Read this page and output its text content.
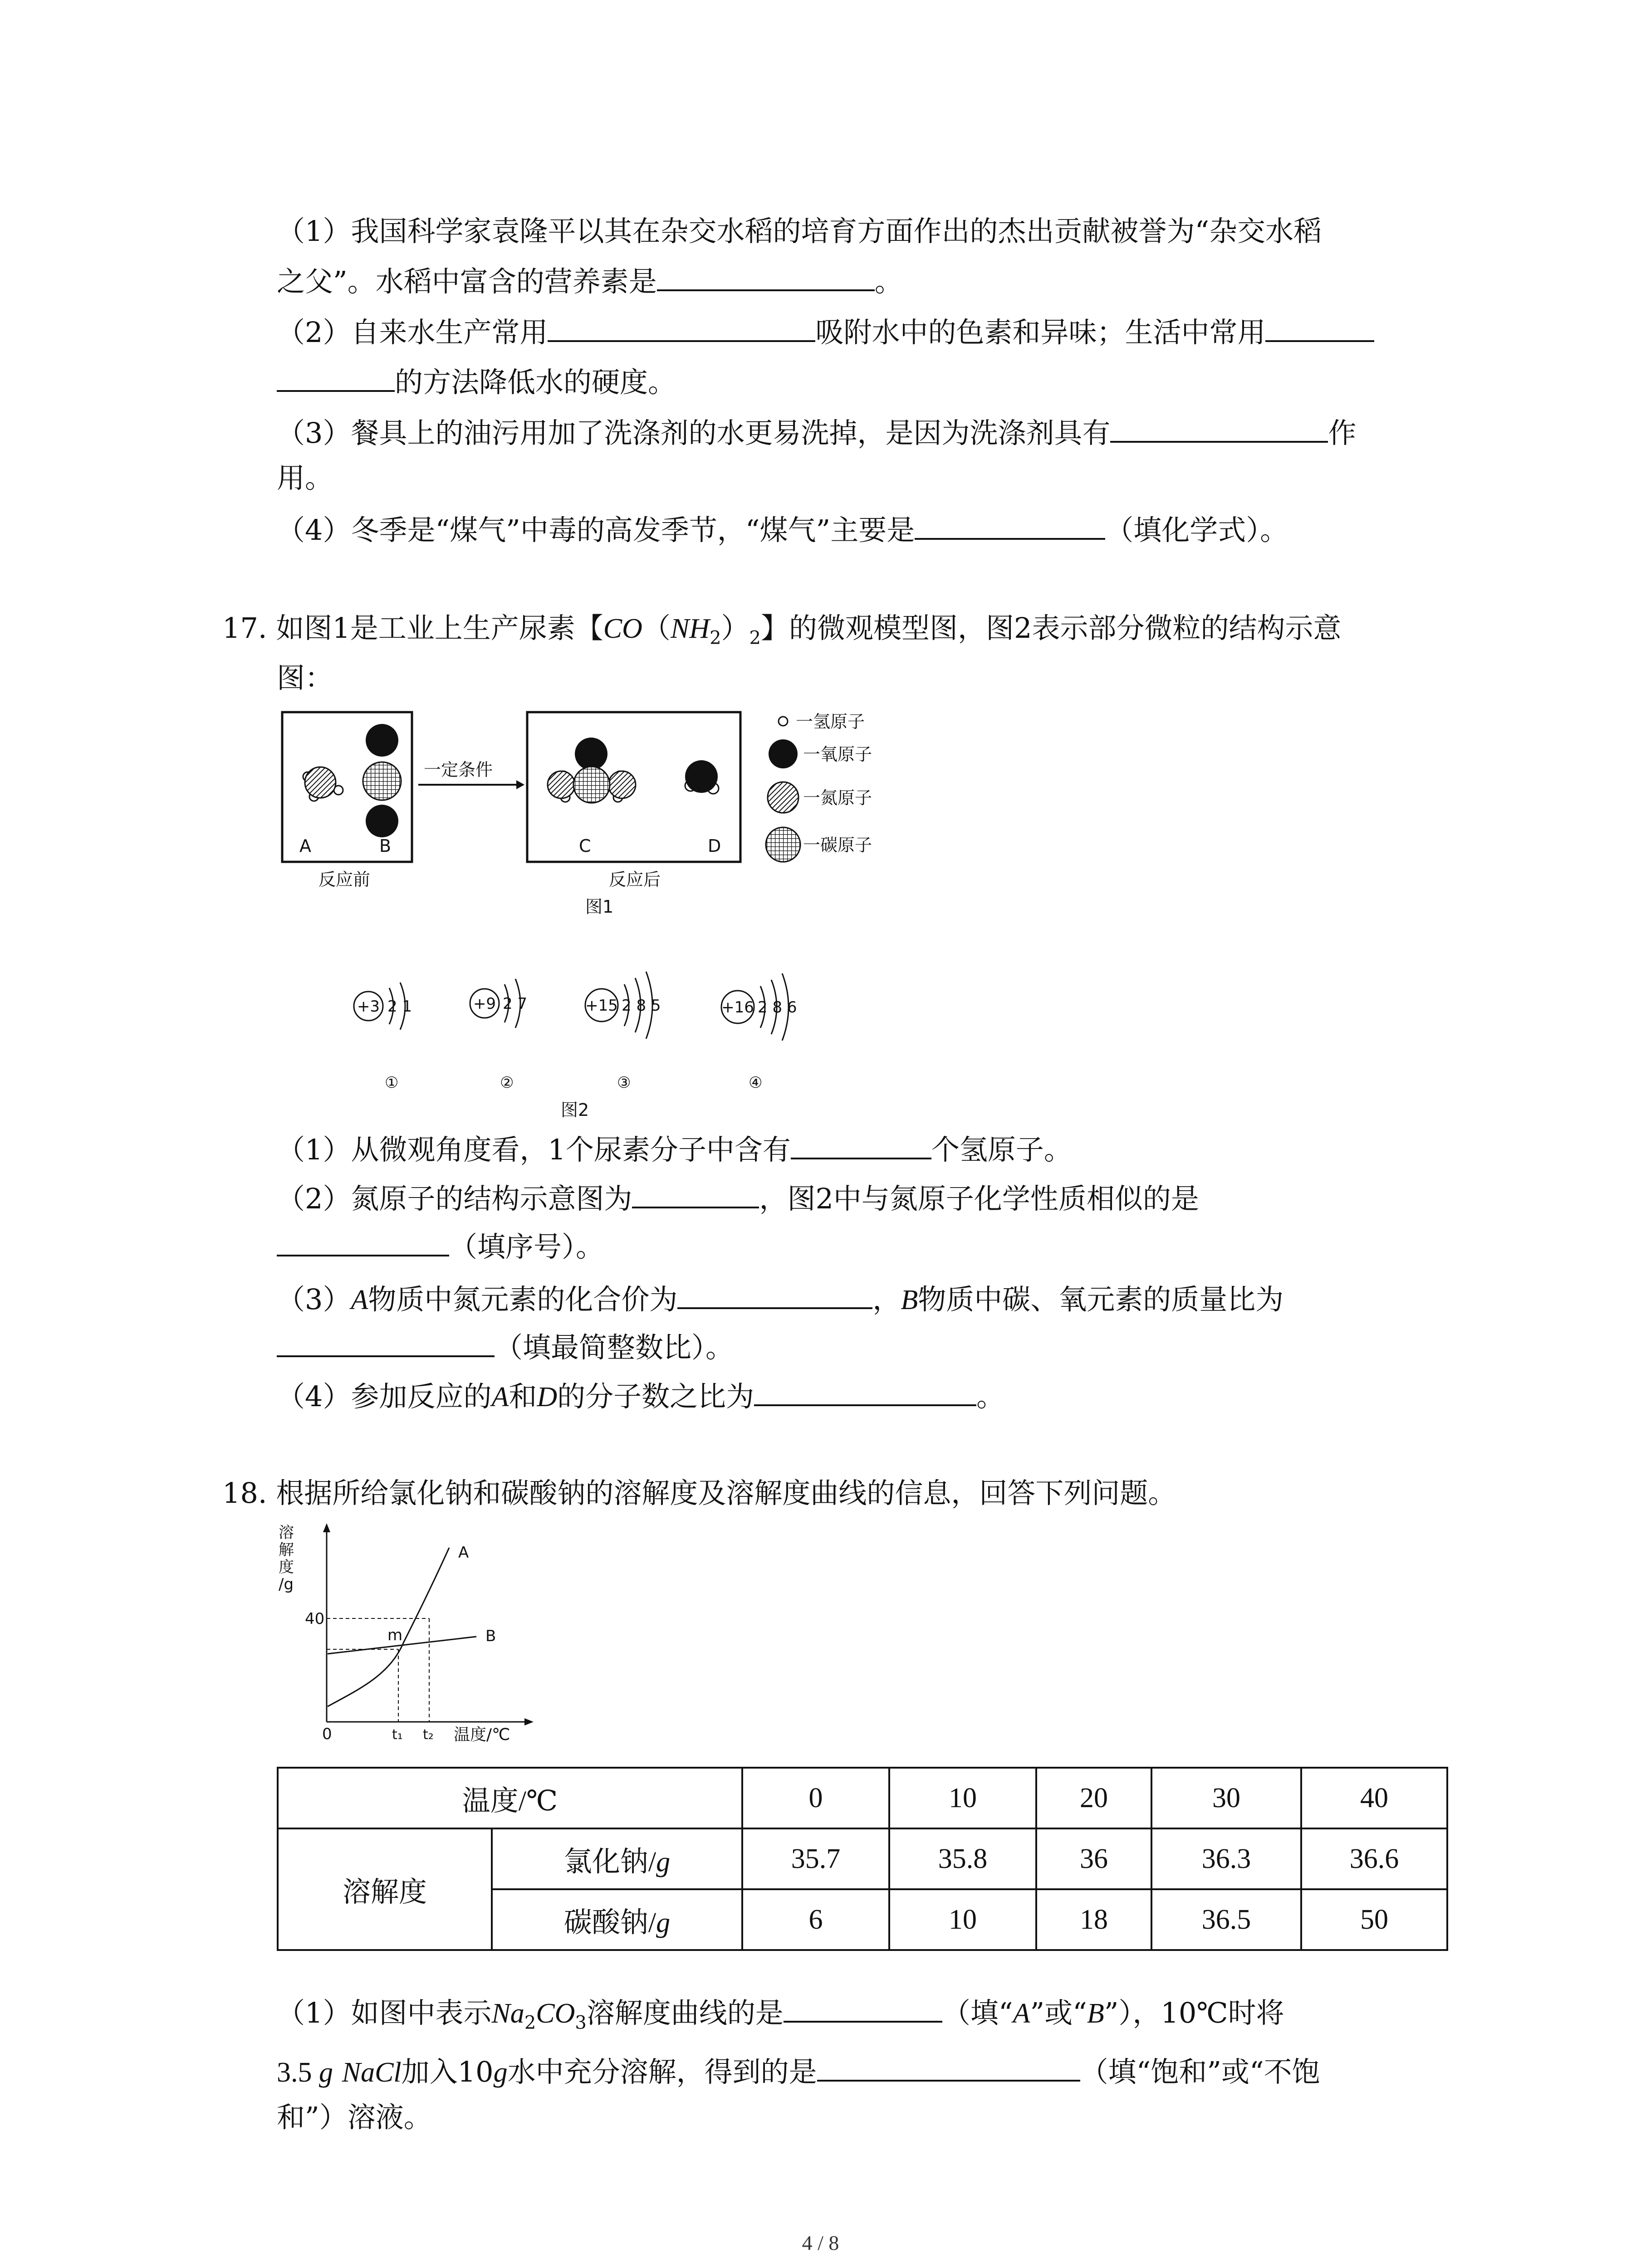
（1）我国科学家袁隆平以其在杂交水稻的培育方面作出的杰出贡献被誉为“杂交水稻
之父”。水稻中富含的营养素是	。
（2）自来水生产常用	吸附水中的色素和异味；生活中常用
的方法降低水的硬度。
（3）餐具上的油污用加了洗涤剂的水更易洗掉，是因为洗涤剂具有	作
用。
（4）冬季是“煤气”中毒的高发季节，“煤气”主要是	（填化学式）。
17. 如图1是工业上生产尿素【$CO(NH_2)_2$】的微观模型图，图2表示部分微粒的结构示意
图：
A	B
一定条件
C	D
反应前	反应后
图1
一氢原子
一氧原子
一氮原子
一碳原子
+3 2 1
①
+9 2 7
②
+15 2 8 5
③
+16 2 8 6
④
图2
（1）从微观角度看，1个尿素分子中含有	个氢原子。
（2）氮原子的结构示意图为	，图2中与氮原子化学性质相似的是
（填序号）。
（3）A物质中氮元素的化合价为	，B物质中碳、氧元素的质量比为
（填最简整数比）。
（4）参加反应的A和D的分子数之比为	。
18. 根据所给氯化钠和碳酸钠的溶解度及溶解度曲线的信息，回答下列问题。
溶
解
度
/g
40
0	t₁ t₂ 温度/℃
m
A
B
温度/℃		0	10	20	30	40
溶解度	氯化钠/g	35.7	35.8	36	36.3	36.6
	碳酸钠/g	6	10	18	36.5	50
（1）如图中表示$Na_2CO_3$溶解度曲线的是	（填“A”或“B”），10℃时将
3.5 g NaCl加入10g水中充分溶解，得到的是	（填“饱和”或“不饱
和”）溶液。
4 / 8
